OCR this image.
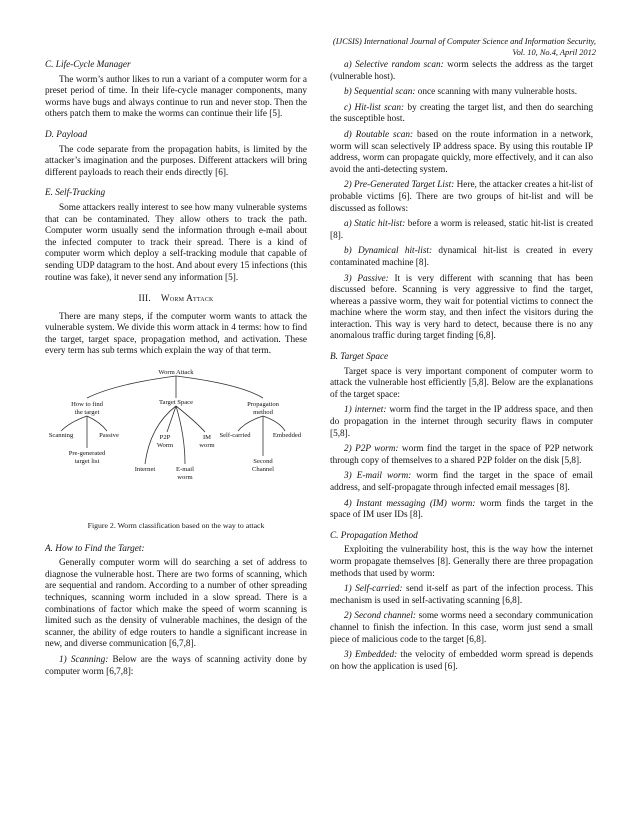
(IJCSIS) International Journal of Computer Science and Information Security,
Vol. 10, No.4, April 2012
C. Life-Cycle Manager

The worm’s author likes to run a variant of a computer worm for a preset period of time. In their life-cycle manager components, many worms have bugs and always continue to run and never stop. Then the others patch them to make the worms can continue their life [5].

D. Payload

The code separate from the propagation habits, is limited by the attacker’s imagination and the purposes. Different attackers will bring different payloads to reach their ends directly [6].

E. Self-Tracking

Some attackers really interest to see how many vulnerable systems that can be contaminated. They allow others to track the path. Computer worm usually send the information through e-mail about the infected computer to track their spread. There is a kind of computer worm which deploy a self-tracking module that capable of sending UDP datagram to the host. And about every 15 infections (this routine was fake), it never send any information [5].

III. Worm Attack

There are many steps, if the computer worm wants to attack the vulnerable system. We divide this worm attack in 4 terms: how to find the target, target space, propagation method, and activation. These every term has sub terms which explain the way of that term.

Worm Attack
How to find
the target
Target Space	Propagation
method
Scanning	Passive
Pre-generated
target list
P2P
Worm
IM
worm
Internet	E-mail
worm
Self-carried	Embedded
Second
Channel
Figure 2. Worm classification based on the way to attack
A. How to Find the Target:

Generally computer worm will do searching a set of address to diagnose the vulnerable host. There are two forms of scanning, which are sequential and random. According to a number of other spreading techniques, scanning worm included in a slow spread. There is a combinations of factor which make the speed of worm scanning is limited such as the density of vulnerable machines, the design of the scanner, the ability of edge routers to handle a significant increase in new, and diverse communication [6,7,8].

1) Scanning: Below are the ways of scanning activity done by computer worm [6,7,8]:

a) Selective random scan: worm selects the address as the target (vulnerable host).

b) Sequential scan: once scanning with many vulnerable hosts.

c) Hit-list scan: by creating the target list, and then do searching the susceptible host.

d) Routable scan: based on the route information in a network, worm will scan selectively IP address space. By using this routable IP address, worm can propagate quickly, more effectively, and it can also avoid the anti-detecting system.

2) Pre-Generated Target List: Here, the attacker creates a hit-list of probable victims [6]. There are two groups of hit-list and will be discussed as follows:

a) Static hit-list: before a worm is released, static hit-list is created [8].

b) Dynamical hit-list: dynamical hit-list is created in every contaminated machine [8].

3) Passive: It is very different with scanning that has been discussed before. Scanning is very aggressive to find the target, whereas a passive worm, they wait for potential victims to connect the machine where the worm stay, and then infect the visitors during the interaction. This way is very hard to detect, because there is no any anomalous traffic during target finding [6,8].

B. Target Space

Target space is very important component of computer worm to attack the vulnerable host efficiently [5,8]. Below are the explanations of the target space:

1) internet: worm find the target in the IP address space, and then do propagation in the internet through security flaws in computer [5,8].

2) P2P worm: worm find the target in the space of P2P network through copy of themselves to a shared P2P folder on the disk [5,8].

3) E-mail worm: worm find the target in the space of email address, and self-propagate through infected email messages [8].

4) Instant messaging (IM) worm: worm finds the target in the space of IM user IDs [8].

C. Propagation Method

Exploiting the vulnerability host, this is the way how the internet worm propagate themselves [8]. Generally there are three propagation methods that used by worm:

1) Self-carried: send it-self as part of the infection process. This mechanism is used in self-activating scanning [6,8].

2) Second channel: some worms need a secondary communication channel to finish the infection. In this case, worm just send a small piece of malicious code to the target [6,8].

3) Embedded: the velocity of embedded worm spread is depends on how the application is used [6].
